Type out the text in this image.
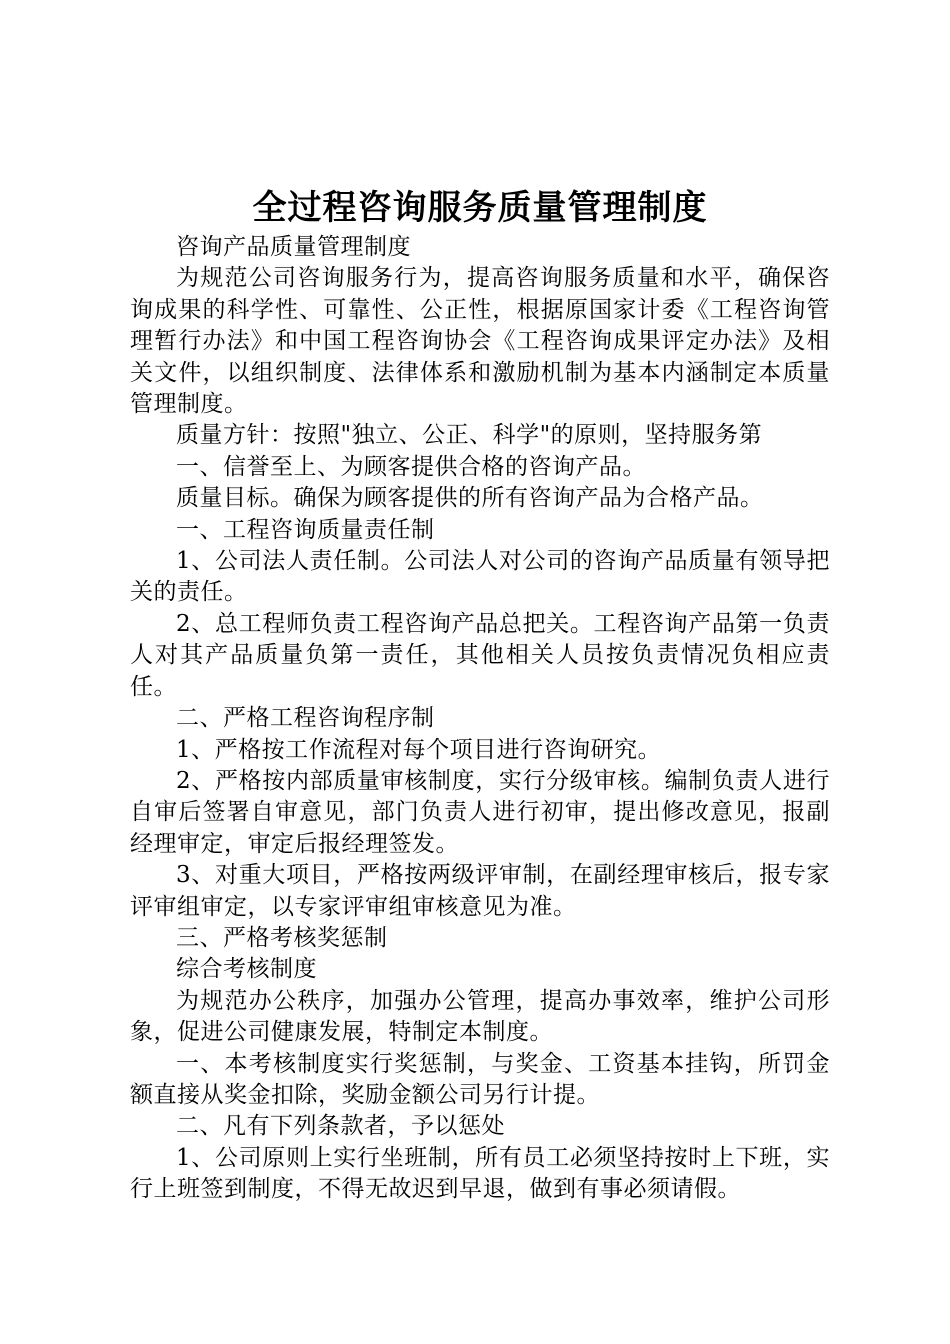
全过程咨询服务质量管理制度

咨询产品质量管理制度

为规范公司咨询服务行为，提高咨询服务质量和水平，确保咨询成果的科学性、可靠性、公正性，根据原国家计委《工程咨询管理暂行办法》和中国工程咨询协会《工程咨询成果评定办法》及相关文件，以组织制度、法律体系和激励机制为基本内涵制定本质量管理制度。

质量方针：按照"独立、公正、科学"的原则，坚持服务第

一、信誉至上、为顾客提供合格的咨询产品。

质量目标。确保为顾客提供的所有咨询产品为合格产品。

一、工程咨询质量责任制

1、公司法人责任制。公司法人对公司的咨询产品质量有领导把关的责任。

2、总工程师负责工程咨询产品总把关。工程咨询产品第一负责人对其产品质量负第一责任，其他相关人员按负责情况负相应责任。

二、严格工程咨询程序制

1、严格按工作流程对每个项目进行咨询研究。

2、严格按内部质量审核制度，实行分级审核。编制负责人进行自审后签署自审意见，部门负责人进行初审，提出修改意见，报副经理审定，审定后报经理签发。

3、对重大项目，严格按两级评审制，在副经理审核后，报专家评审组审定，以专家评审组审核意见为准。

三、严格考核奖惩制

综合考核制度

为规范办公秩序，加强办公管理，提高办事效率，维护公司形象，促进公司健康发展，特制定本制度。

一、本考核制度实行奖惩制，与奖金、工资基本挂钩，所罚金额直接从奖金扣除，奖励金额公司另行计提。

二、凡有下列条款者，予以惩处

1、公司原则上实行坐班制，所有员工必须坚持按时上下班，实行上班签到制度，不得无故迟到早退，做到有事必须请假。
